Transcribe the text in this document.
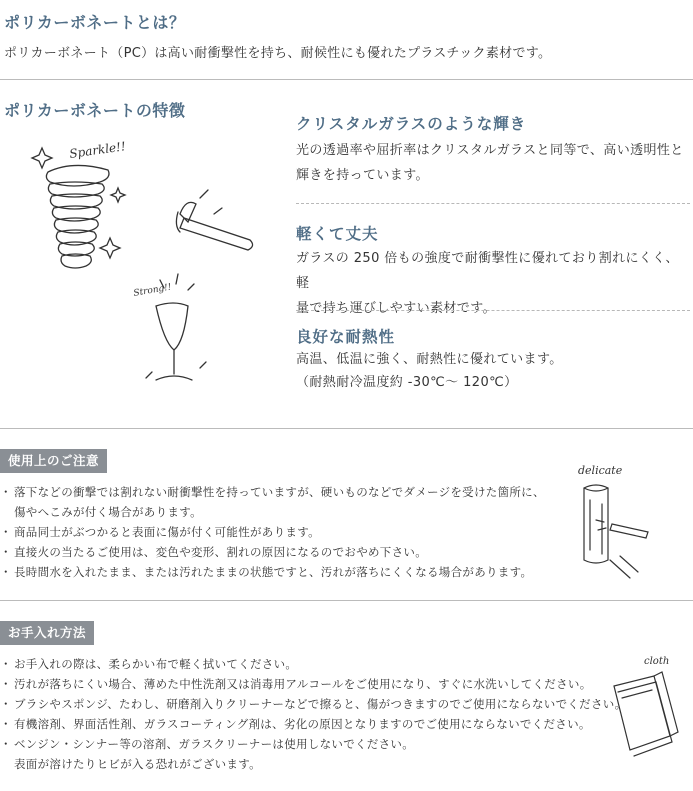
ポリカーボネートとは？
ポリカーボネート（PC）は高い耐衝撃性を持ち、耐候性にも優れたプラスチック素材です。
ポリカーボネートの特徴
Sparkle!!
Strong!!
クリスタルガラスのような輝き
光の透過率や屈折率はクリスタルガラスと同等で、高い透明性と
輝きを持っています。
軽くて丈夫
ガラスの 250 倍もの強度で耐衝撃性に優れており割れにくく、軽
量で持ち運びしやすい素材です。
良好な耐熱性
高温、低温に強く、耐熱性に優れています。
（耐熱耐冷温度約 -30℃～ 120℃）
使用上のご注意
・ 落下などの衝撃では割れない耐衝撃性を持っていますが、硬いものなどでダメージを受けた箇所に、
傷やへこみが付く場合があります。
・ 商品同士がぶつかると表面に傷が付く可能性があります。
・ 直接火の当たるご使用は、変色や変形、割れの原因になるのでおやめ下さい。
・ 長時間水を入れたまま、または汚れたままの状態ですと、汚れが落ちにくくなる場合があります。
delicate
お手入れ方法
・ お手入れの際は、柔らかい布で軽く拭いてください。
・ 汚れが落ちにくい場合、薄めた中性洗剤又は消毒用アルコールをご使用になり、すぐに水洗いしてください。
・ ブラシやスポンジ、たわし、研磨剤入りクリーナーなどで擦ると、傷がつきますのでご使用にならないでください。
・ 有機溶剤、界面活性剤、ガラスコーティング剤は、劣化の原因となりますのでご使用にならないでください。
・ ベンジン・シンナー等の溶剤、ガラスクリーナーは使用しないでください。
表面が溶けたりヒビが入る恐れがございます。
cloth
